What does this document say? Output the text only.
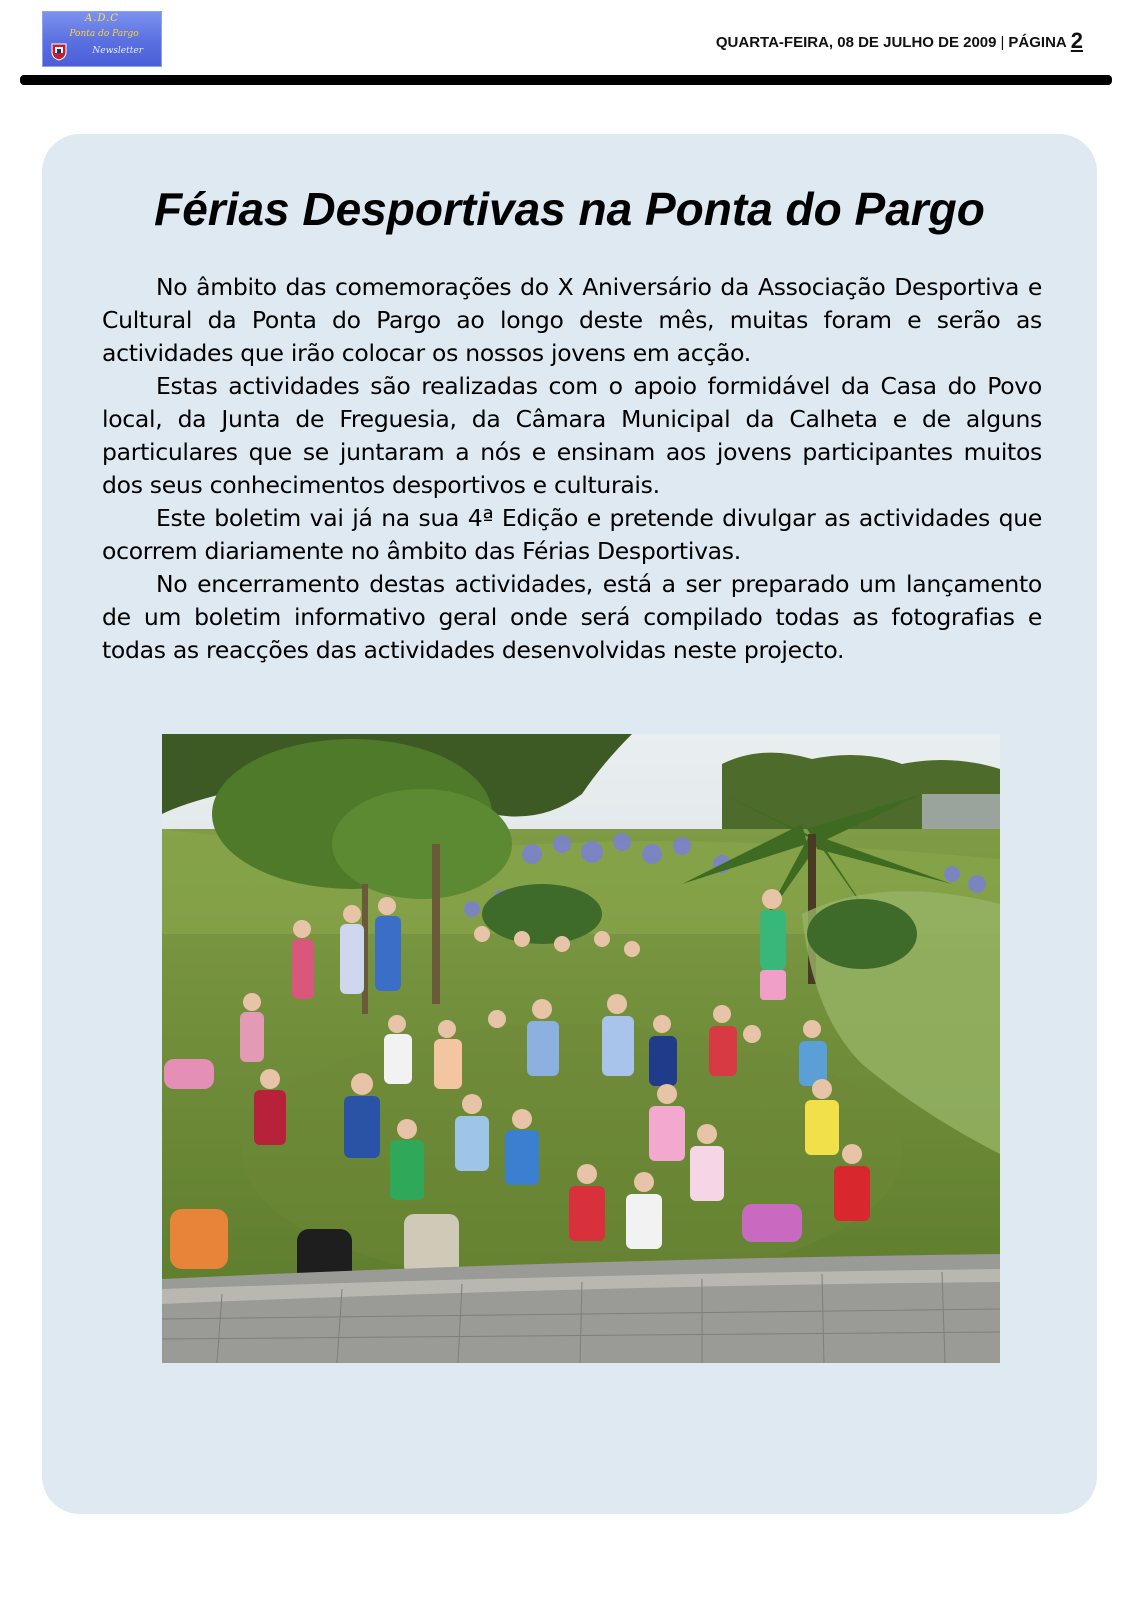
A.D.C
Ponta do Pargo
Newsletter	QUARTA-FEIRA, 08 DE JULHO DE 2009 | PÁGINA 2
Férias Desportivas na Ponta do Pargo

No âmbito das comemorações do X Aniversário da Associação Desportiva e Cultural da Ponta do Pargo ao longo deste mês, muitas foram e serão as actividades que irão colocar os nossos jovens em acção.

Estas actividades são realizadas com o apoio formidável da Casa do Povo local, da Junta de Freguesia, da Câmara Municipal da Calheta e de alguns particulares que se juntaram a nós e ensinam aos jovens participantes muitos dos seus conhecimentos desportivos e culturais.

Este boletim vai já na sua 4ª Edição e pretende divulgar as actividades que ocorrem diariamente no âmbito das Férias Desportivas.

No encerramento destas actividades, está a ser preparado um lançamento de um boletim informativo geral onde será compilado todas as fotografias e todas as reacções das actividades desenvolvidas neste projecto.
